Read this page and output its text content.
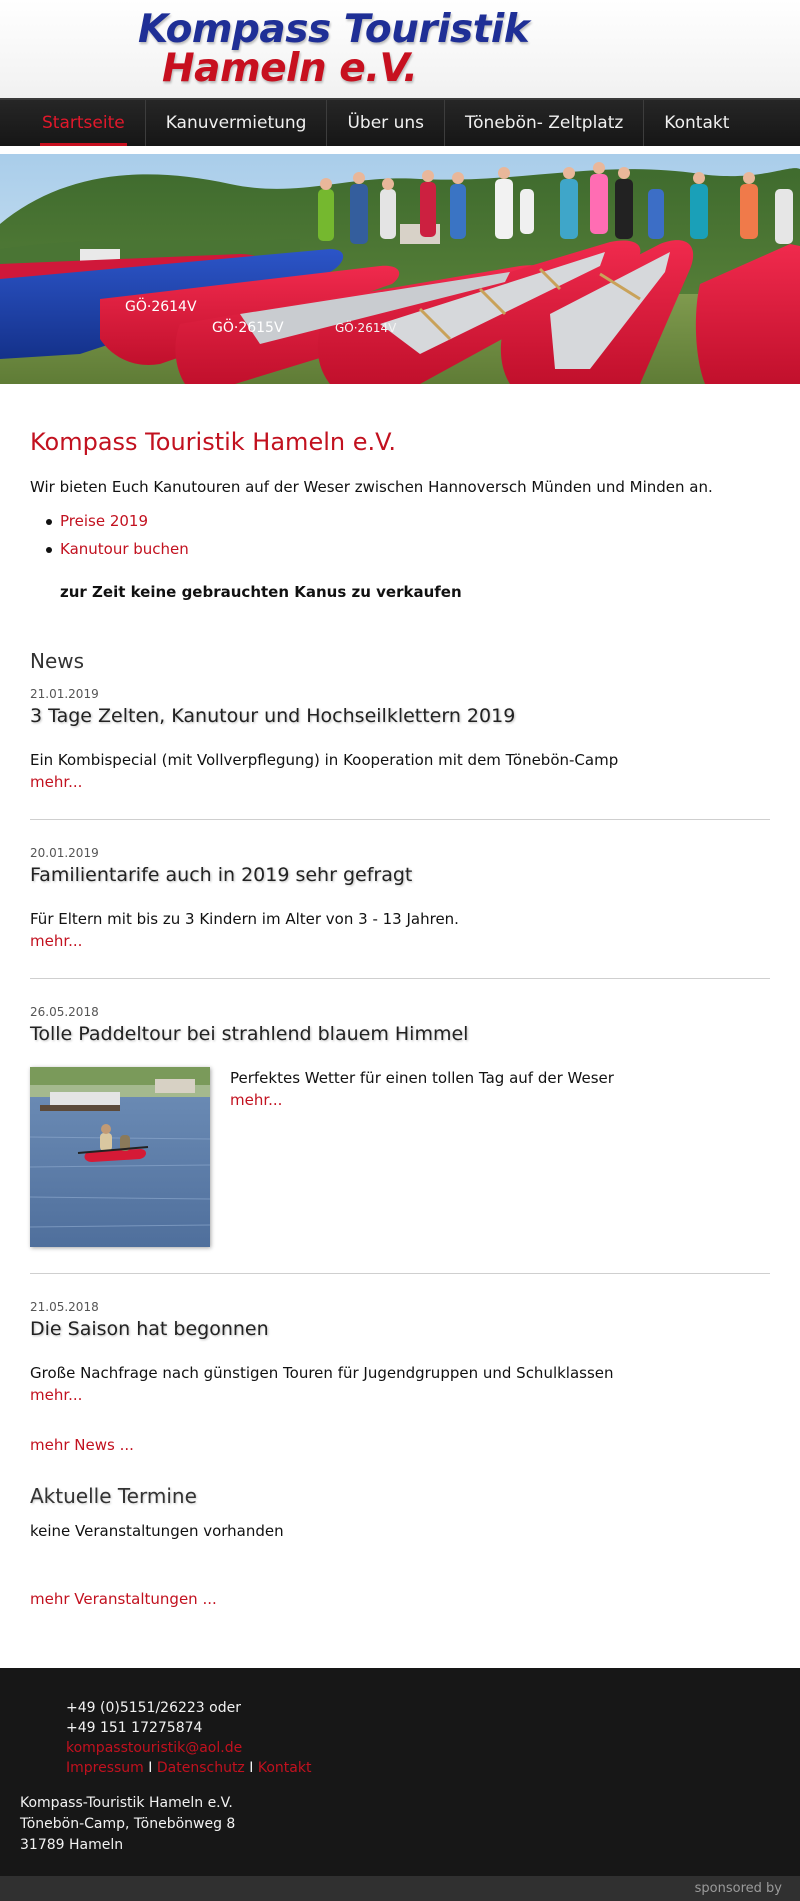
Kompass Touristik
Hameln e.V.
Startseite	Kanuvermietung	Über uns	Tönebön- Zeltplatz	Kontakt
GÖ·2614V
GÖ·2615V	GÖ·2614V
Kompass Touristik Hameln e.V.

Wir bieten Euch Kanutouren auf der Weser zwischen Hannoversch Münden und Minden an.

Preise 2019
Kanutour buchen

zur Zeit keine gebrauchten Kanus zu verkaufen

News
21.01.2019
3 Tage Zelten, Kanutour und Hochseilklettern 2019

Ein Kombispecial (mit Vollverpflegung) in Kooperation mit dem Tönebön-Camp

mehr...
20.01.2019
Familientarife auch in 2019 sehr gefragt

Für Eltern mit bis zu 3 Kindern im Alter von 3 - 13 Jahren.

mehr...
26.05.2018
Tolle Paddeltour bei strahlend blauem Himmel

Perfektes Wetter für einen tollen Tag auf der Weser

mehr...
21.05.2018
Die Saison hat begonnen

Große Nachfrage nach günstigen Touren für Jugendgruppen und Schulklassen

mehr...
mehr News ...
Aktuelle Termine

keine Veranstaltungen vorhanden

mehr Veranstaltungen ...
+49 (0)5151/26223 oder
+49 151 17275874
kompasstouristik@aol.de
Impressum I Datenschutz I Kontakt
Kompass-Touristik Hameln e.V.
Tönebön-Camp, Tönebönweg 8
31789 Hameln
sponsored by
